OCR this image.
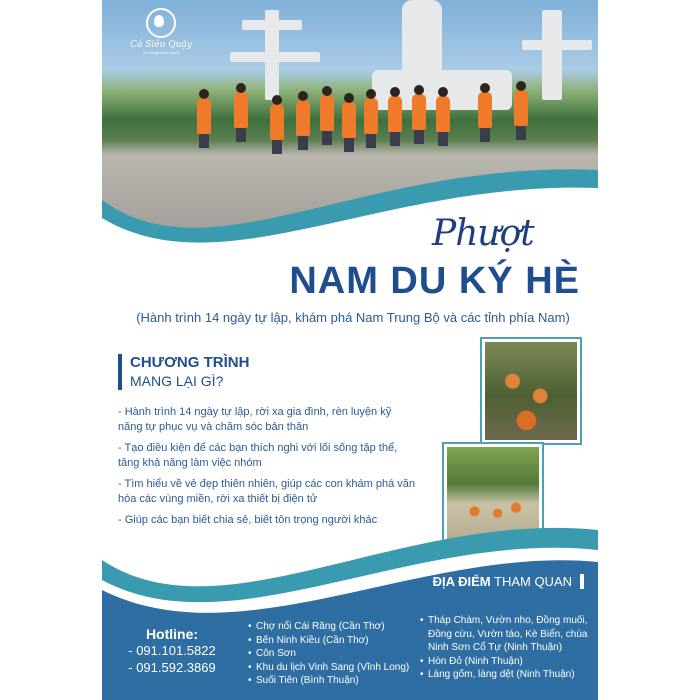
Cá Siêu Quậy
Vui sống khỏe mạnh
Phượt
NAM DU KÝ HÈ
(Hành trình 14 ngày tự lập, khám phá Nam Trung Bộ và các tỉnh phía Nam)
CHƯƠNG TRÌNH
MANG LẠI GÌ?
- Hành trình 14 ngày tự lập, rời xa gia đình, rèn luyện kỹ năng tự phục vụ và chăm sóc bản thân
- Tạo điều kiện để các bạn thích nghi với lối sống tập thể, tăng khả năng làm việc nhóm
- Tìm hiểu về vẻ đẹp thiên nhiên, giúp các con khám phá văn hóa các vùng miền, rời xa thiết bị điện tử
- Giúp các bạn biết chia sẻ, biết tôn trọng người khác
ĐỊA ĐIỂM THAM QUAN
Hotline:
- 091.101.5822
- 091.592.3869
•
Chợ nổi Cái Răng (Cần Thơ)
•
Bến Ninh Kiều (Cần Thơ)
•
Côn Sơn
•
Khu du lịch Vinh Sang (Vĩnh Long)
•
Suối Tiên (Bình Thuận)
•
Tháp Chàm, Vườn nho, Đồng muối, Đồng cừu, Vườn táo, Kè Biển, chùa Ninh Sơn Cổ Tự (Ninh Thuận)
•
Hòn Đỏ (Ninh Thuận)
•
Làng gốm, làng dệt (Ninh Thuận)
